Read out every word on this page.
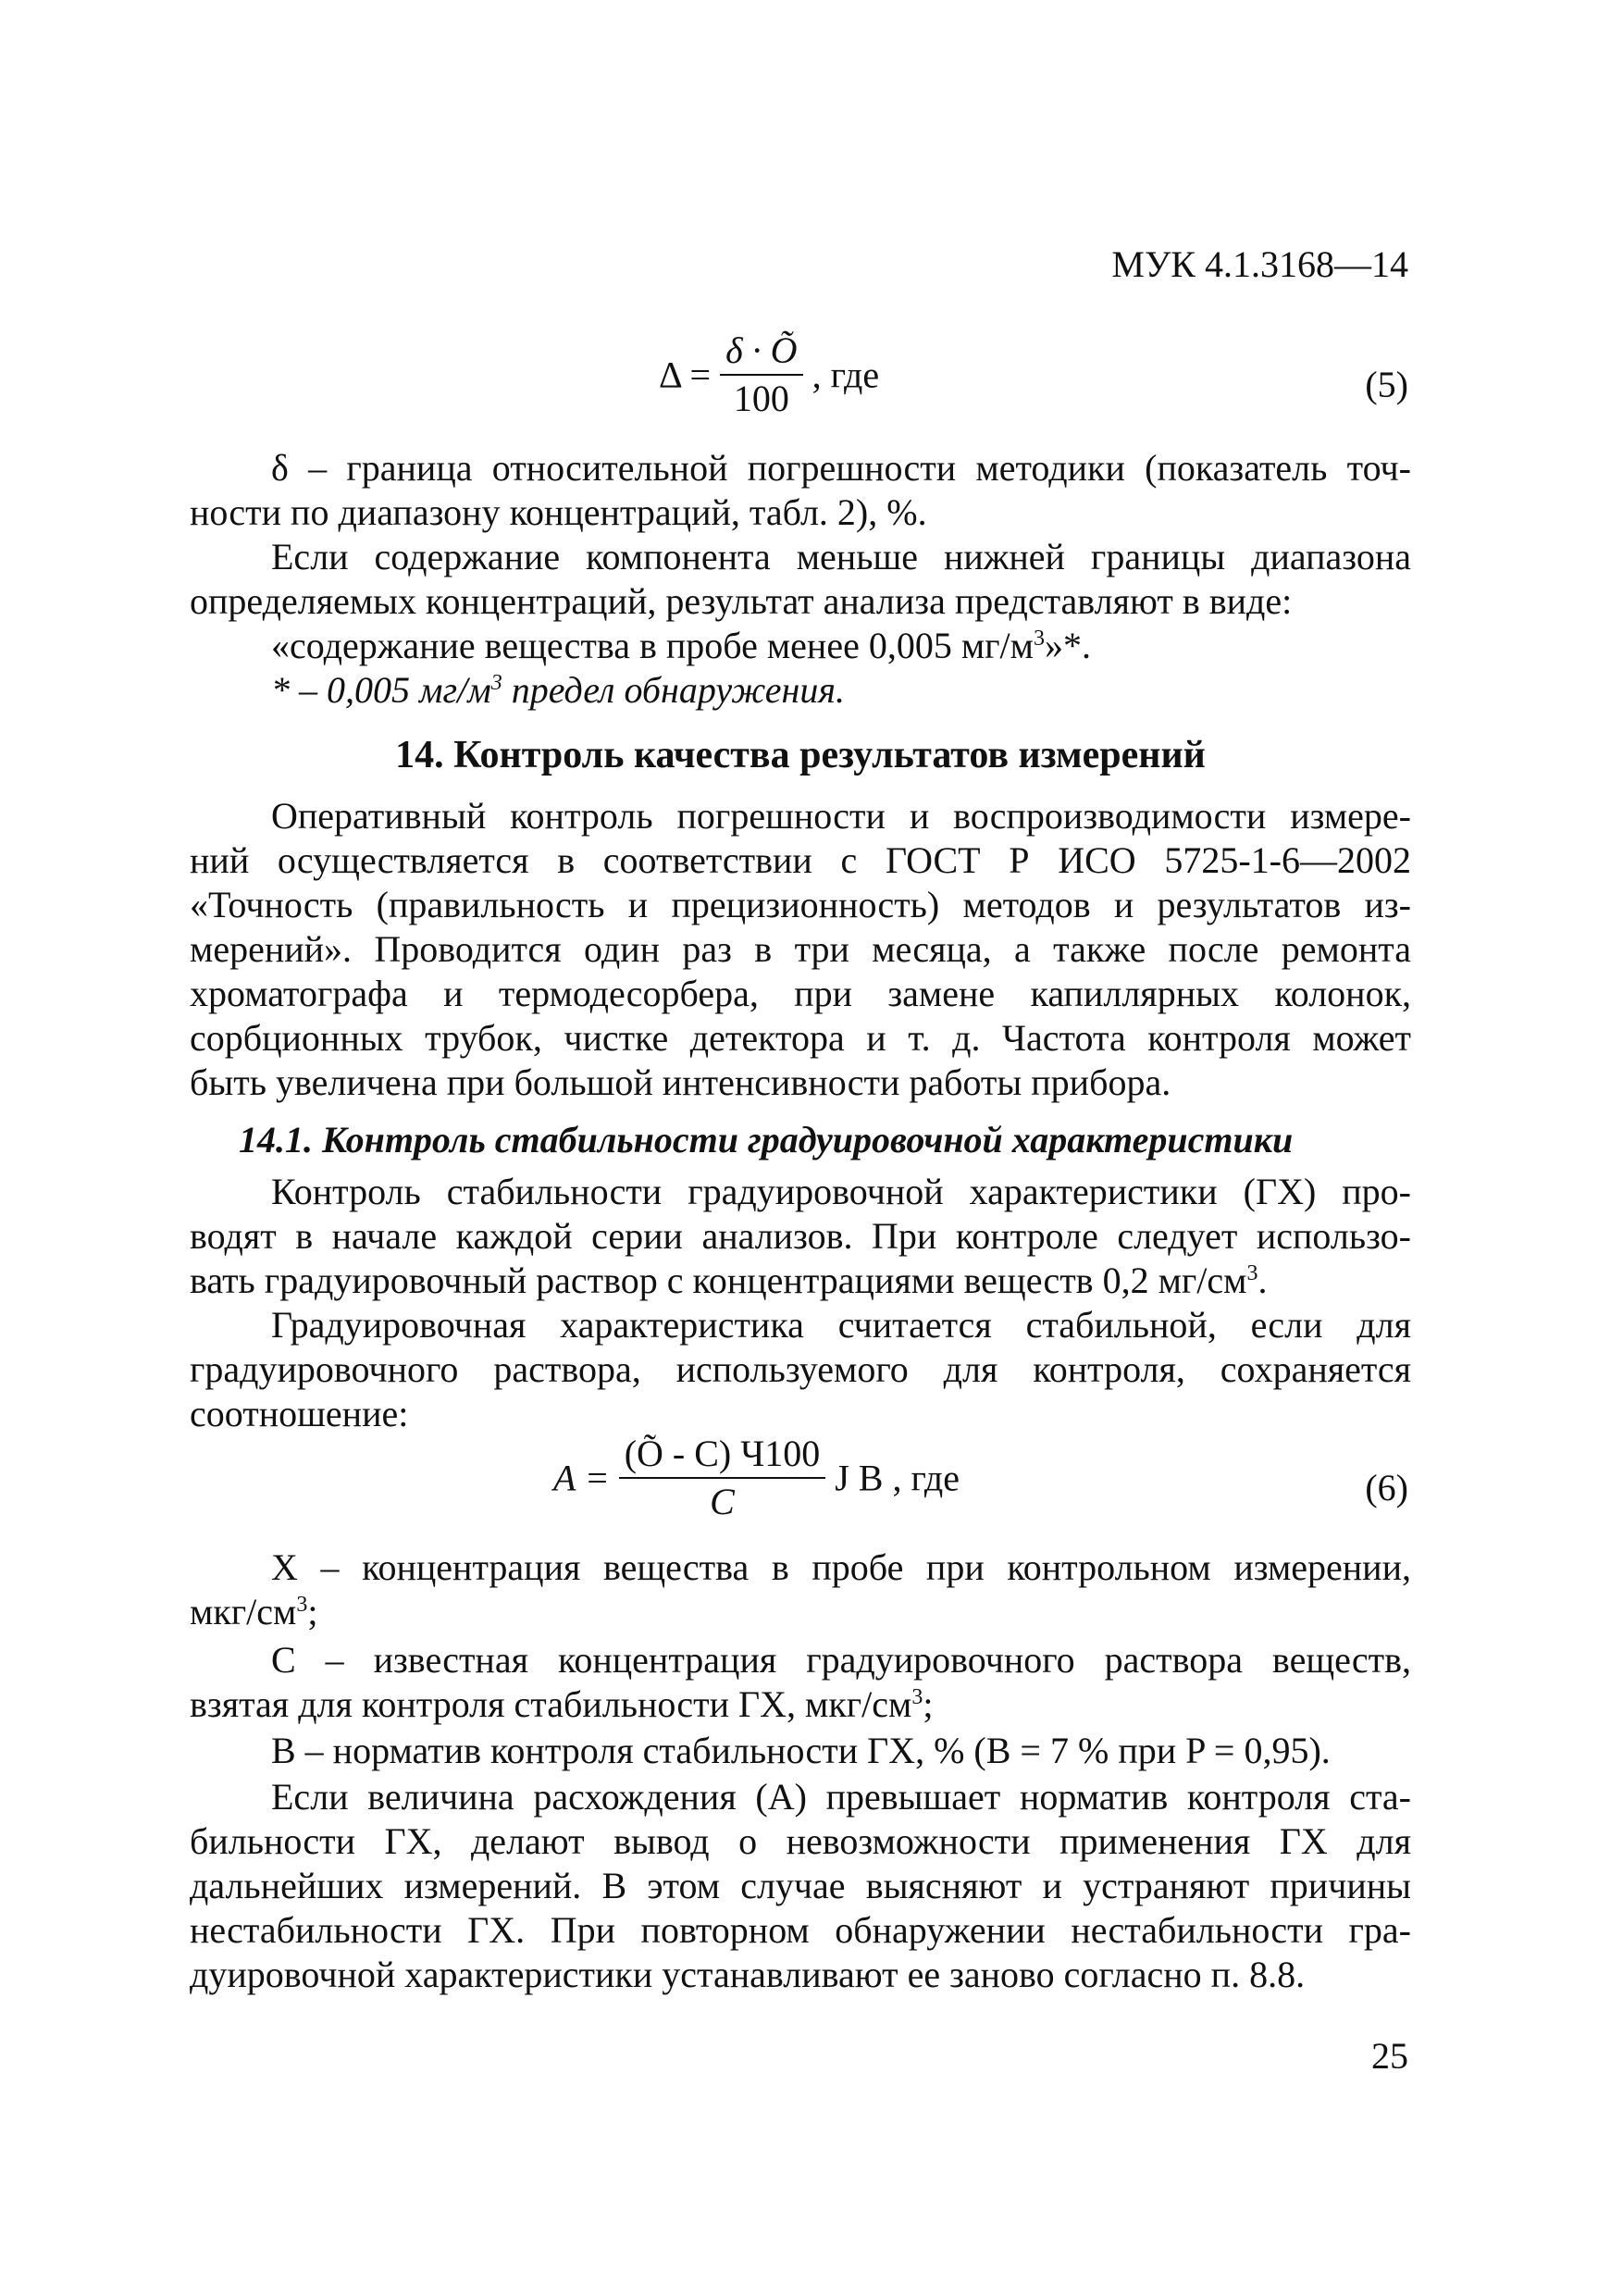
МУК 4.1.3168—14
$\Delta = \frac{\delta \cdot Õ}{100}$ , где	(5)
δ – граница относительной погрешности методики (показатель точ-
ности по диапазону концентраций, табл. 2), %.
Если содержание компонента меньше нижней границы диапазона
определяемых концентраций, результат анализа представляют в виде:
«содержание вещества в пробе менее 0,005 $мг/м^3»*$.
* – 0,005 $мг/м^3$ предел обнаружения.
14. Контроль качества результатов измерений
Оперативный контроль погрешности и воспроизводимости измере-
ний осуществляется в соответствии с ГОСТ Р ИСО 5725-1-6—2002
«Точность (правильность и прецизионность) методов и результатов из-
мерений». Проводится один раз в три месяца, а также после ремонта
хроматографа и термодесорбера, при замене капиллярных колонок,
сорбционных трубок, чистке детектора и т. д. Частота контроля может
быть увеличена при большой интенсивности работы прибора.
14.1. Контроль стабильности градуировочной характеристики
Контроль стабильности градуировочной характеристики (ГХ) про-
водят в начале каждой серии анализов. При контроле следует использо-
вать градуировочный раствор с концентрациями веществ 0,2 $мг/см^3$.
Градуировочная характеристика считается стабильной, если для
градуировочного раствора, используемого для контроля, сохраняется
соотношение:
$A = \frac{(Õ - C) Ч100}{C}$ J B , где	(6)
X – концентрация вещества в пробе при контрольном измерении,
мкг/$см^3$;
C – известная концентрация градуировочного раствора веществ,
взятая для контроля стабильности ГХ, мкг/$см^3$;
B – норматив контроля стабильности ГХ, % (B = 7 % при P = 0,95).
Если величина расхождения (А) превышает норматив контроля ста-
бильности ГХ, делают вывод о невозможности применения ГХ для
дальнейших измерений. В этом случае выясняют и устраняют причины
нестабильности ГХ. При повторном обнаружении нестабильности гра-
дуировочной характеристики устанавливают ее заново согласно п. 8.8.
25
